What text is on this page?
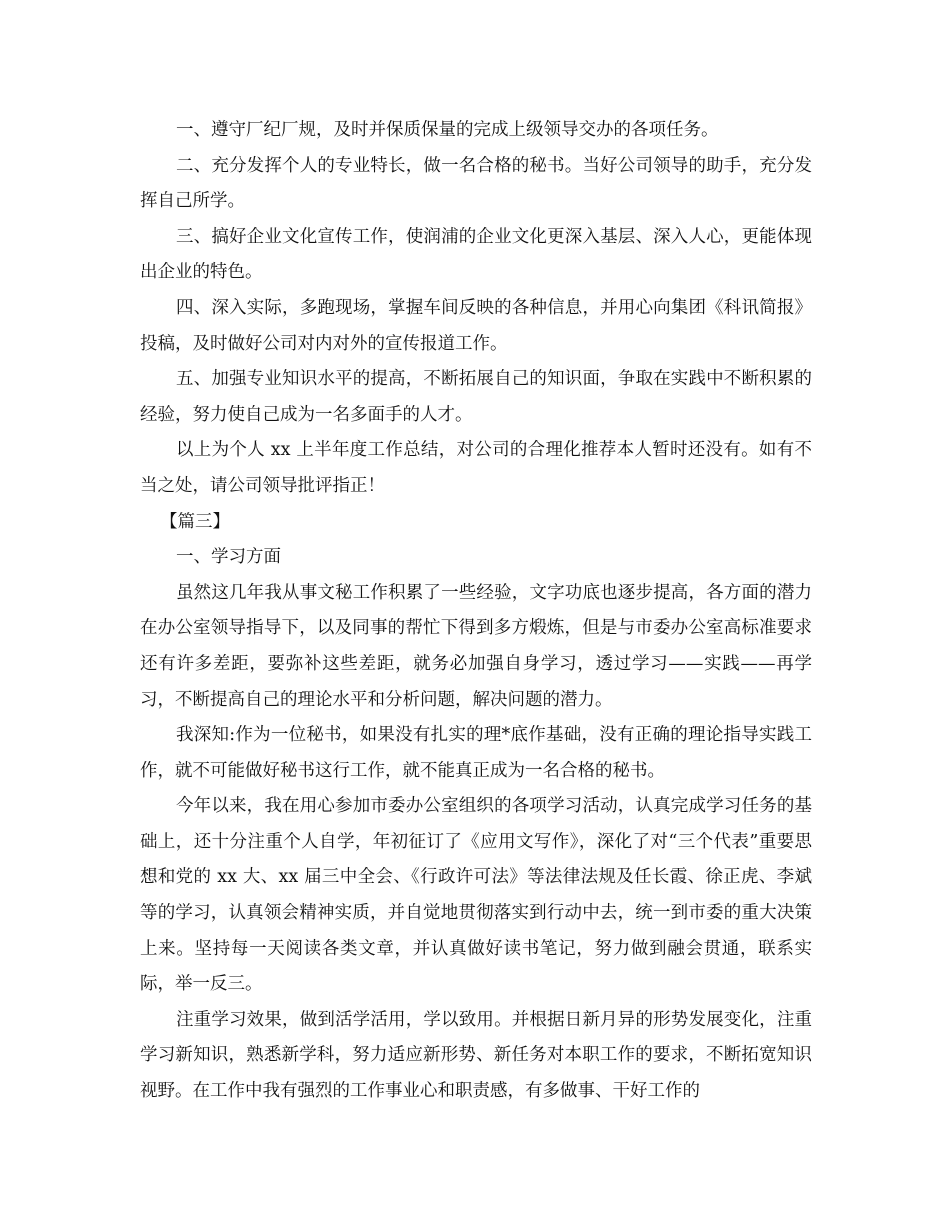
一、遵守厂纪厂规，及时并保质保量的完成上级领导交办的各项任务。

二、充分发挥个人的专业特长，做一名合格的秘书。当好公司领导的助手，充分发挥自己所学。

三、搞好企业文化宣传工作，使润浦的企业文化更深入基层、深入人心，更能体现出企业的特色。

四、深入实际，多跑现场，掌握车间反映的各种信息，并用心向集团《科讯简报》投稿，及时做好公司对内对外的宣传报道工作。

五、加强专业知识水平的提高，不断拓展自己的知识面，争取在实践中不断积累的经验，努力使自己成为一名多面手的人才。

以上为个人 xx 上半年度工作总结，对公司的合理化推荐本人暂时还没有。如有不当之处，请公司领导批评指正！

【篇三】

一、学习方面

虽然这几年我从事文秘工作积累了一些经验，文字功底也逐步提高，各方面的潜力在办公室领导指导下，以及同事的帮忙下得到多方煅炼，但是与市委办公室高标准要求还有许多差距，要弥补这些差距，就务必加强自身学习，透过学习——实践——再学习，不断提高自己的理论水平和分析问题，解决问题的潜力。

我深知:作为一位秘书，如果没有扎实的理*底作基础，没有正确的理论指导实践工作，就不可能做好秘书这行工作，就不能真正成为一名合格的秘书。

今年以来，我在用心参加市委办公室组织的各项学习活动，认真完成学习任务的基础上，还十分注重个人自学，年初征订了《应用文写作》，深化了对“三个代表”重要思想和党的 xx 大、xx 届三中全会、《行政许可法》等法律法规及任长霞、徐正虎、李斌等的学习，认真领会精神实质，并自觉地贯彻落实到行动中去，统一到市委的重大决策上来。坚持每一天阅读各类文章，并认真做好读书笔记，努力做到融会贯通，联系实际，举一反三。

注重学习效果，做到活学活用，学以致用。并根据日新月异的形势发展变化，注重学习新知识，熟悉新学科，努力适应新形势、新任务对本职工作的要求，不断拓宽知识视野。在工作中我有强烈的工作事业心和职责感，有多做事、干好工作的
